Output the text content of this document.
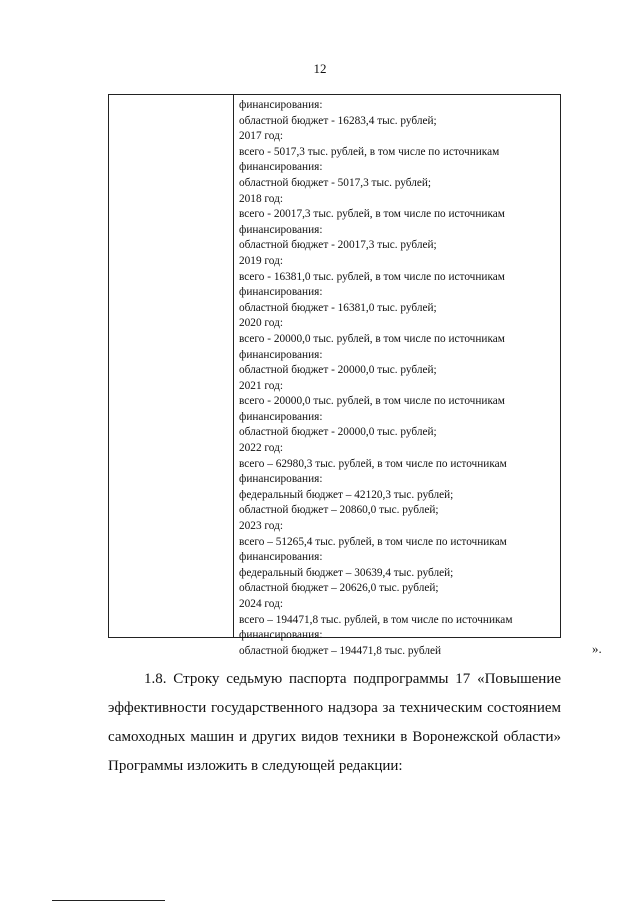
12
финансирования:
областной бюджет - 16283,4 тыс. рублей;
2017 год:
всего - 5017,3 тыс. рублей, в том числе по источникам
финансирования:
областной бюджет - 5017,3 тыс. рублей;
2018 год:
всего - 20017,3 тыс. рублей, в том числе по источникам
финансирования:
областной бюджет - 20017,3 тыс. рублей;
2019 год:
всего - 16381,0 тыс. рублей, в том числе по источникам
финансирования:
областной бюджет - 16381,0 тыс. рублей;
2020 год:
всего - 20000,0 тыс. рублей, в том числе по источникам
финансирования:
областной бюджет - 20000,0 тыс. рублей;
2021 год:
всего - 20000,0 тыс. рублей, в том числе по источникам
финансирования:
областной бюджет - 20000,0 тыс. рублей;
2022 год:
всего – 62980,3 тыс. рублей, в том числе по источникам
финансирования:
федеральный бюджет – 42120,3 тыс. рублей;
областной бюджет – 20860,0 тыс. рублей;
2023 год:
всего – 51265,4 тыс. рублей, в том числе по источникам
финансирования:
федеральный бюджет – 30639,4 тыс. рублей;
областной бюджет – 20626,0 тыс. рублей;
2024 год:
всего – 194471,8 тыс. рублей, в том числе по источникам
финансирования:
областной бюджет – 194471,8 тыс. рублей	».
1.8. Строку седьмую паспорта подпрограммы 17 «Повышение эффективности государственного надзора за техническим состоянием самоходных машин и других видов техники в Воронежской области» Программы изложить в следующей редакции:
